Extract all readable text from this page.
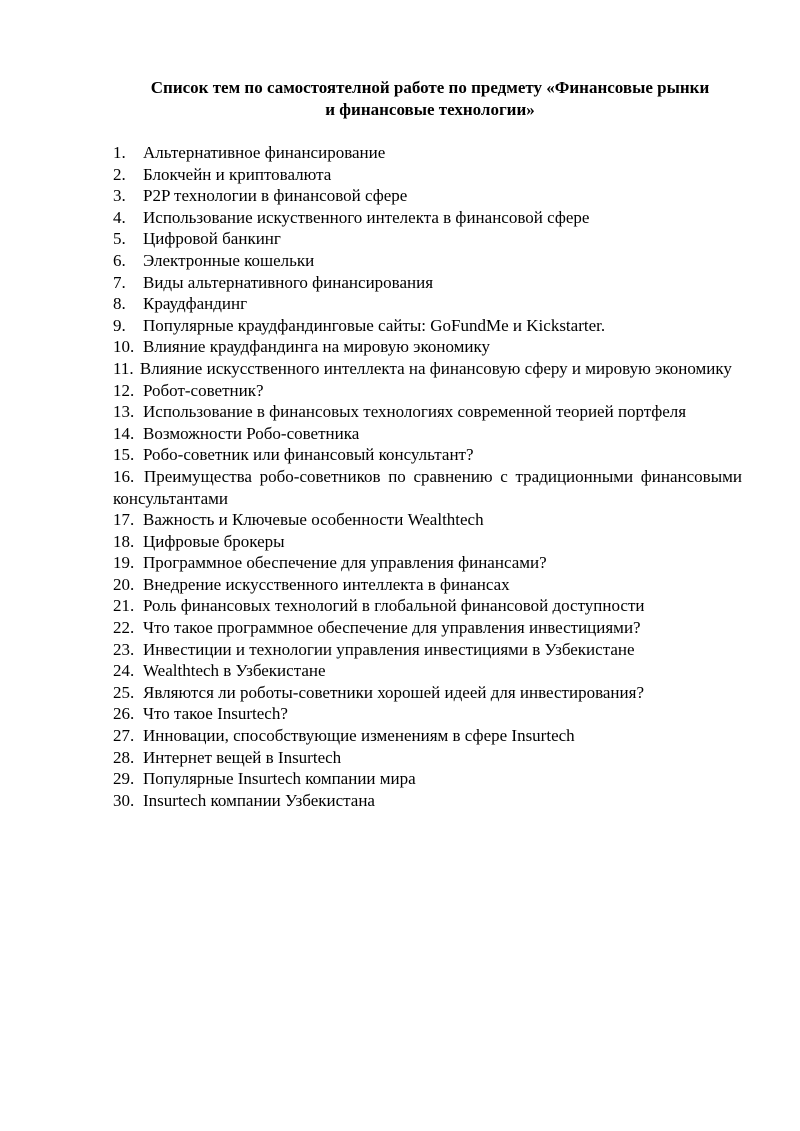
Список тем по самостоятелной работе по предмету «Финансовые рынки
и финансовые технологии»
1.	Альтернативное финансирование
2.	Блокчейн и криптовалюта
3.	P2P технологии в финансовой сфере
4.	Использование искуственного интелекта в финансовой сфере
5.	Цифровой банкинг
6.	Электронные кошельки
7.	Виды альтернативного финансирования
8.	Краудфандинг
9.	Популярные краудфандинговые сайты: GoFundMe и Kickstarter.
10. Влияние краудфандинга на мировую экономику
11. Влияние искусственного интеллекта на финансовую сферу и мировую экономику
12. Робот-советник?
13. Использование в финансовых технологиях современной теорией портфеля
14. Возможности Робо-советника
15. Робо-советник или финансовый консультант?
16. Преимущества робо-советников по сравнению с традиционными финансовыми консультантами
17. Важность и Ключевые особенности Wealthtech
18. Цифровые брокеры
19. Программное обеспечение для управления финансами?
20. Внедрение искусственного интеллекта в финансах
21. Роль финансовых технологий в глобальной финансовой доступности
22. Что такое программное обеспечение для управления инвестициями?
23. Инвестиции и технологии управления инвестициями в Узбекистане
24. Wealthtech в Узбекистане
25. Являются ли роботы-советники хорошей идеей для инвестирования?
26. Что такое Insurtech?
27. Инновации, способствующие изменениям в сфере Insurtech
28. Интернет вещей в Insurtech
29. Популярные Insurtech компании мира
30. Insurtech компании Узбекистана
